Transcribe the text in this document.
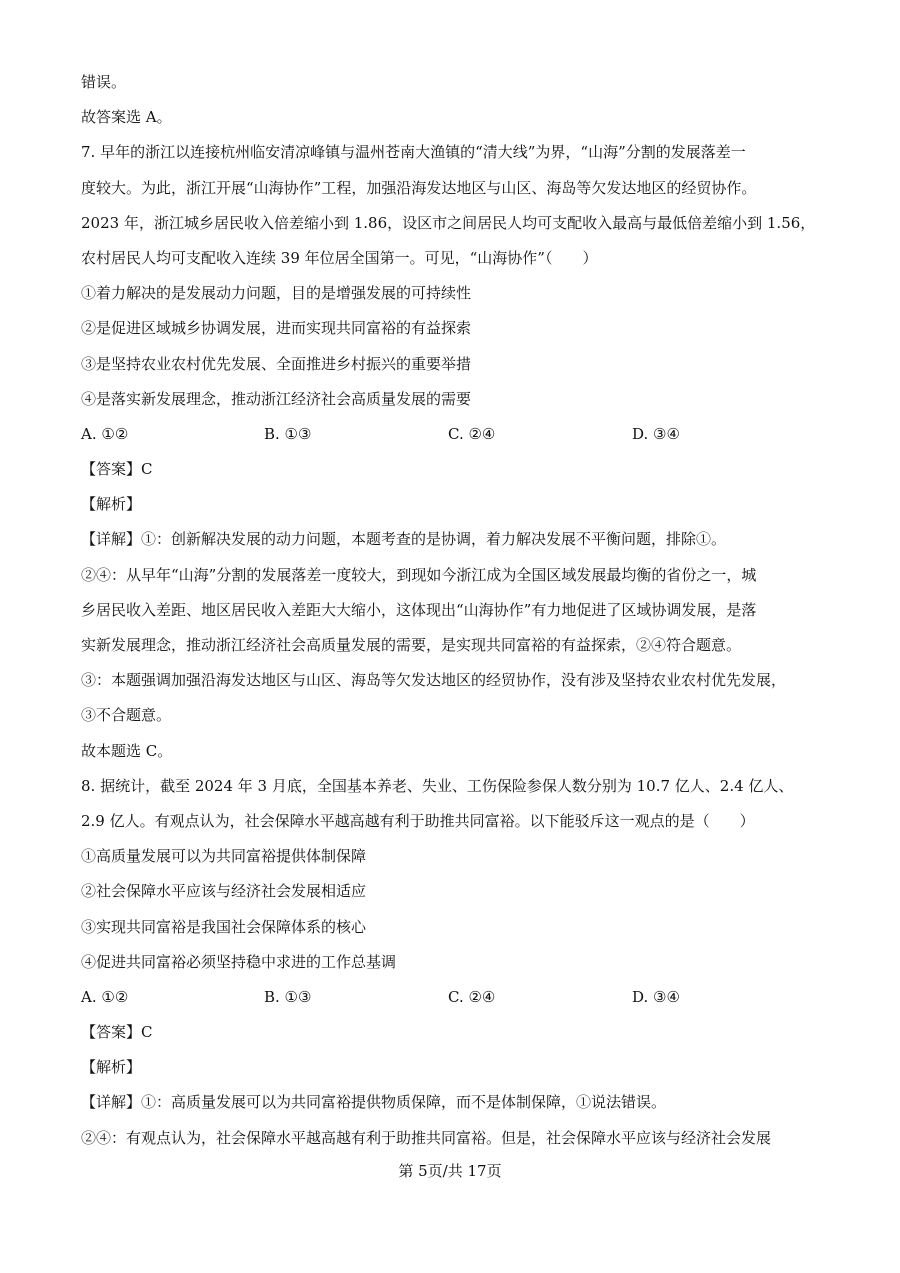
错误。

故答案选 A。

7. 早年的浙江以连接杭州临安清凉峰镇与温州苍南大渔镇的“清大线”为界，“山海”分割的发展落差一

度较大。为此，浙江开展“山海协作”工程，加强沿海发达地区与山区、海岛等欠发达地区的经贸协作。

2023 年，浙江城乡居民收入倍差缩小到 1.86，设区市之间居民人均可支配收入最高与最低倍差缩小到 1.56，

农村居民人均可支配收入连续 39 年位居全国第一。可见，“山海协作”（　　）

①着力解决的是发展动力问题，目的是增强发展的可持续性

②是促进区域城乡协调发展，进而实现共同富裕的有益探索

③是坚持农业农村优先发展、全面推进乡村振兴的重要举措

④是落实新发展理念，推动浙江经济社会高质量发展的需要

A. ①②	B. ①③	C. ②④	D. ③④

【答案】C

【解析】

【详解】①：创新解决发展的动力问题，本题考查的是协调，着力解决发展不平衡问题，排除①。

②④：从早年“山海”分割的发展落差一度较大，到现如今浙江成为全国区域发展最均衡的省份之一，城

乡居民收入差距、地区居民收入差距大大缩小，这体现出“山海协作”有力地促进了区域协调发展，是落

实新发展理念，推动浙江经济社会高质量发展的需要，是实现共同富裕的有益探索，②④符合题意。

③：本题强调加强沿海发达地区与山区、海岛等欠发达地区的经贸协作，没有涉及坚持农业农村优先发展，

③不合题意。

故本题选 C。

8. 据统计，截至 2024 年 3 月底，全国基本养老、失业、工伤保险参保人数分别为 10.7 亿人、2.4 亿人、

2.9 亿人。有观点认为，社会保障水平越高越有利于助推共同富裕。以下能驳斥这一观点的是（　　）

①高质量发展可以为共同富裕提供体制保障

②社会保障水平应该与经济社会发展相适应

③实现共同富裕是我国社会保障体系的核心

④促进共同富裕必须坚持稳中求进的工作总基调

A. ①②	B. ①③	C. ②④	D. ③④

【答案】C

【解析】

【详解】①：高质量发展可以为共同富裕提供物质保障，而不是体制保障，①说法错误。

②④：有观点认为，社会保障水平越高越有利于助推共同富裕。但是，社会保障水平应该与经济社会发展

第 5页/共 17页
